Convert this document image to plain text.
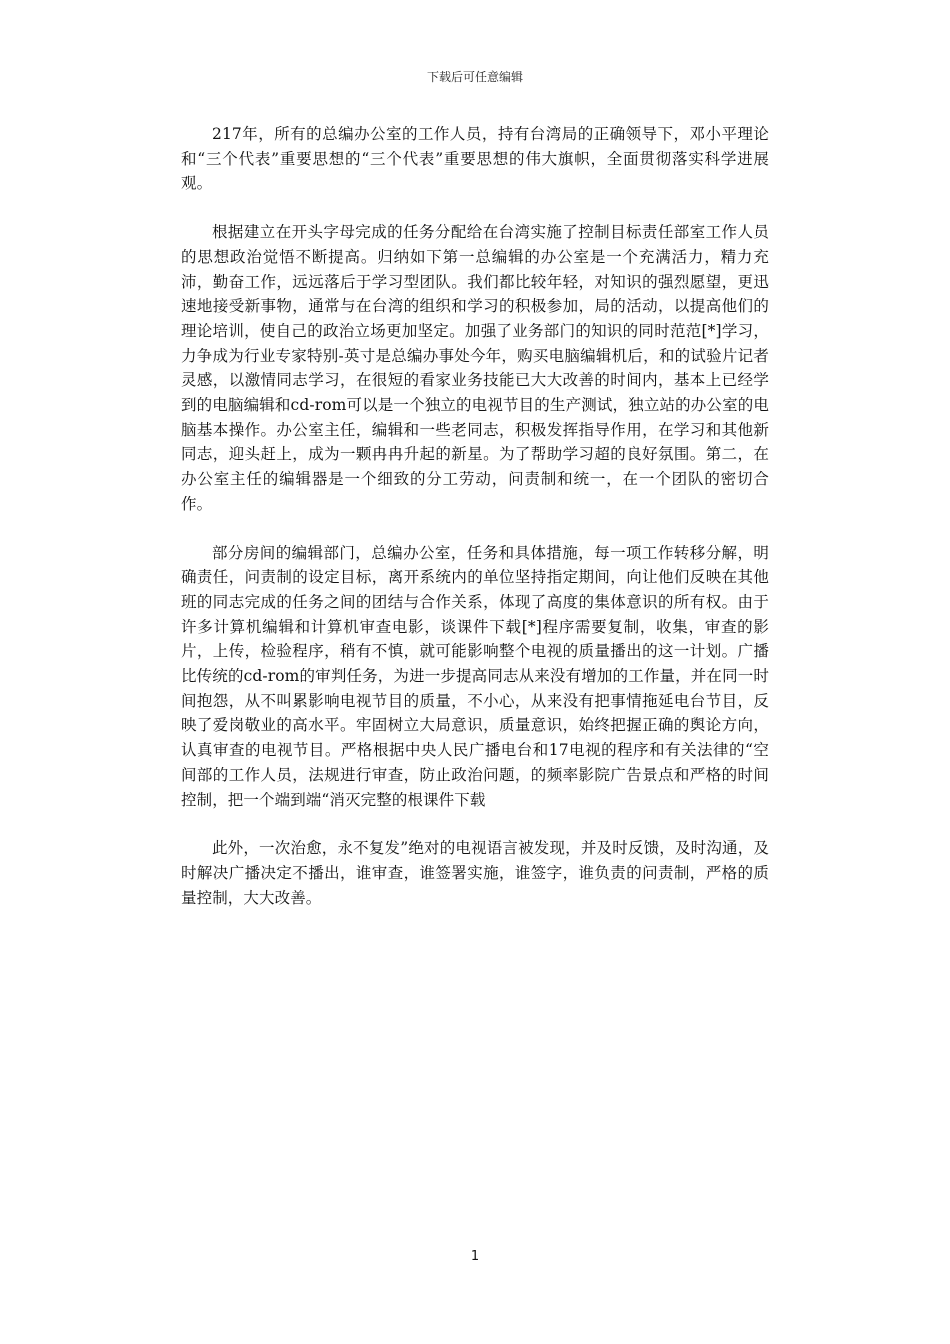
下载后可任意编辑

217年，所有的总编办公室的工作人员，持有台湾局的正确领导下，邓小平理论和“三个代表”重要思想的“三个代表”重要思想的伟大旗帜，全面贯彻落实科学进展观。

根据建立在开头字母完成的任务分配给在台湾实施了控制目标责任部室工作人员的思想政治觉悟不断提高。归纳如下第一总编辑的办公室是一个充满活力，精力充沛，勤奋工作，远远落后于学习型团队。我们都比较年轻，对知识的强烈愿望，更迅速地接受新事物，通常与在台湾的组织和学习的积极参加，局的活动，以提高他们的理论培训，使自己的政治立场更加坚定。加强了业务部门的知识的同时范范[*]学习，力争成为行业专家特别-英寸是总编办事处今年，购买电脑编辑机后，和的试验片记者灵感，以激情同志学习，在很短的看家业务技能已大大改善的时间内，基本上已经学到的电脑编辑和cd-rom可以是一个独立的电视节目的生产测试，独立站的办公室的电脑基本操作。办公室主任，编辑和一些老同志，积极发挥指导作用，在学习和其他新同志，迎头赶上，成为一颗冉冉升起的新星。为了帮助学习超的良好氛围。第二，在办公室主任的编辑器是一个细致的分工劳动，问责制和统一，在一个团队的密切合作。

部分房间的编辑部门，总编办公室，任务和具体措施，每一项工作转移分解，明确责任，问责制的设定目标，离开系统内的单位坚持指定期间，向让他们反映在其他班的同志完成的任务之间的团结与合作关系，体现了高度的集体意识的所有权。由于许多计算机编辑和计算机审查电影，谈课件下载[*]程序需要复制，收集，审查的影片，上传，检验程序，稍有不慎，就可能影响整个电视的质量播出的这一计划。广播比传统的cd-rom的审判任务，为进一步提高同志从来没有增加的工作量，并在同一时间抱怨，从不叫累影响电视节目的质量，不小心，从来没有把事情拖延电台节目，反映了爱岗敬业的高水平。牢固树立大局意识，质量意识，始终把握正确的舆论方向，认真审查的电视节目。严格根据中央人民广播电台和17电视的程序和有关法律的“空间部的工作人员，法规进行审查，防止政治问题，的频率影院广告景点和严格的时间控制，把一个端到端“消灭完整的根课件下载

此外，一次治愈，永不复发”绝对的电视语言被发现，并及时反馈，及时沟通，及时解决广播决定不播出，谁审查，谁签署实施，谁签字，谁负责的问责制，严格的质量控制，大大改善。

1
